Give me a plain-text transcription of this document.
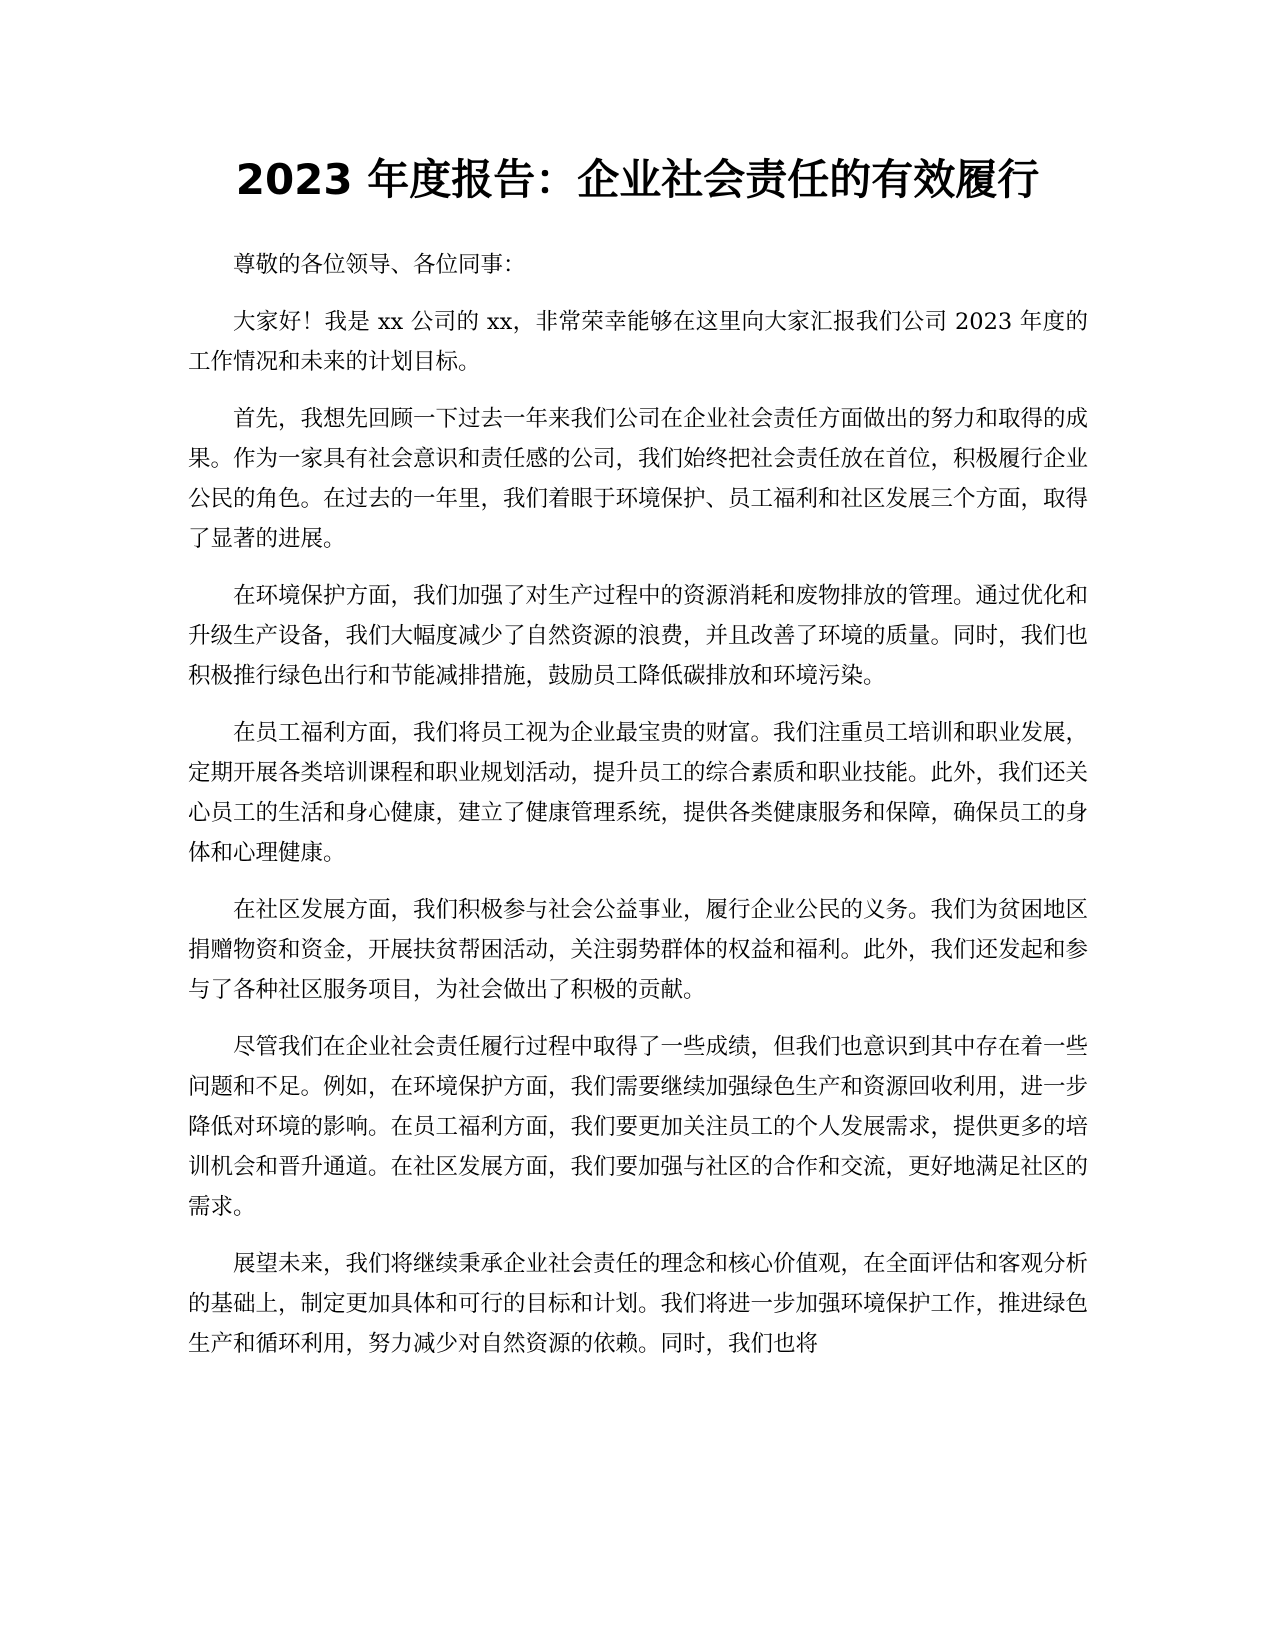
2023 年度报告：企业社会责任的有效履行

尊敬的各位领导、各位同事：

大家好！我是 xx 公司的 xx，非常荣幸能够在这里向大家汇报我们公司 2023 年度的工作情况和未来的计划目标。

首先，我想先回顾一下过去一年来我们公司在企业社会责任方面做出的努力和取得的成果。作为一家具有社会意识和责任感的公司，我们始终把社会责任放在首位，积极履行企业公民的角色。在过去的一年里，我们着眼于环境保护、员工福利和社区发展三个方面，取得了显著的进展。

在环境保护方面，我们加强了对生产过程中的资源消耗和废物排放的管理。通过优化和升级生产设备，我们大幅度减少了自然资源的浪费，并且改善了环境的质量。同时，我们也积极推行绿色出行和节能减排措施，鼓励员工降低碳排放和环境污染。

在员工福利方面，我们将员工视为企业最宝贵的财富。我们注重员工培训和职业发展，定期开展各类培训课程和职业规划活动，提升员工的综合素质和职业技能。此外，我们还关心员工的生活和身心健康，建立了健康管理系统，提供各类健康服务和保障，确保员工的身体和心理健康。

在社区发展方面，我们积极参与社会公益事业，履行企业公民的义务。我们为贫困地区捐赠物资和资金，开展扶贫帮困活动，关注弱势群体的权益和福利。此外，我们还发起和参与了各种社区服务项目，为社会做出了积极的贡献。

尽管我们在企业社会责任履行过程中取得了一些成绩，但我们也意识到其中存在着一些问题和不足。例如，在环境保护方面，我们需要继续加强绿色生产和资源回收利用，进一步降低对环境的影响。在员工福利方面，我们要更加关注员工的个人发展需求，提供更多的培训机会和晋升通道。在社区发展方面，我们要加强与社区的合作和交流，更好地满足社区的需求。

展望未来，我们将继续秉承企业社会责任的理念和核心价值观，在全面评估和客观分析的基础上，制定更加具体和可行的目标和计划。我们将进一步加强环境保护工作，推进绿色生产和循环利用，努力减少对自然资源的依赖。同时，我们也将
